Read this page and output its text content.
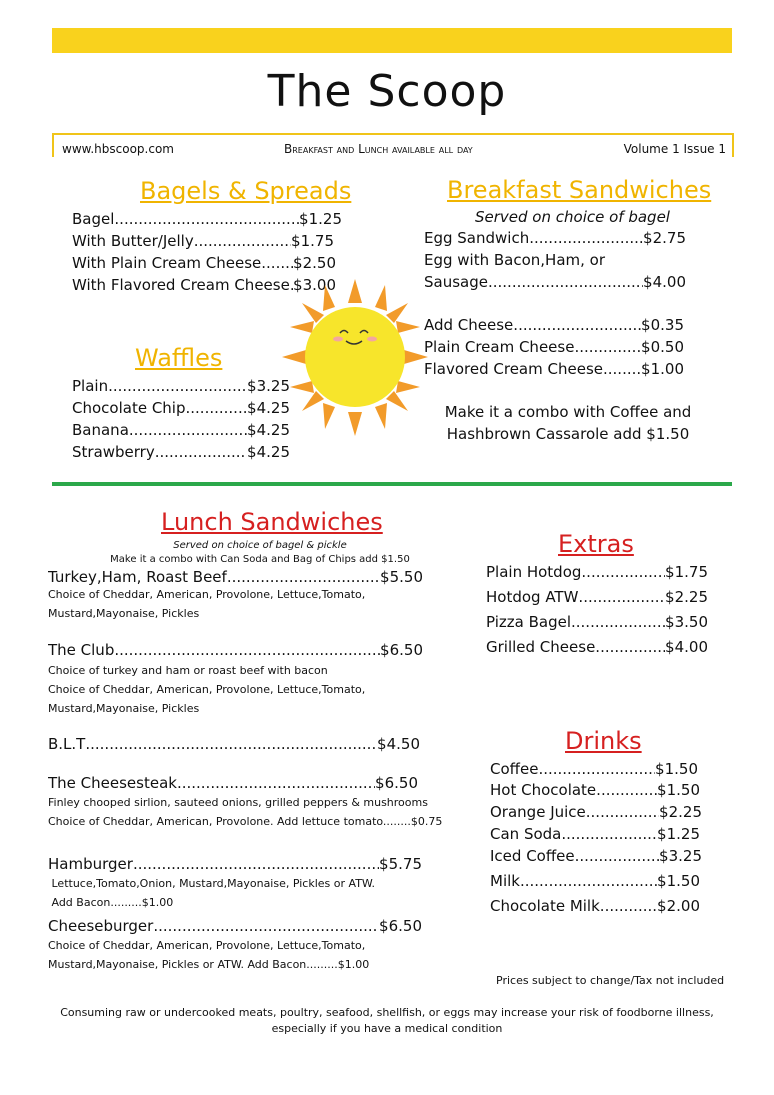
The Scoop
www.hbscoop.com	Breakfast and Lunch available all day	Volume 1 Issue 1
Bagels & Spreads
Bagel .....	$1.25
With Butter/Jelly .....	$1.75
With Plain Cream Cheese ..... $2.50
With Flavored Cream Cheese ..... $3.00
Waffles
Plain .....	$3.25
Chocolate Chip .....	$4.25
Banana .....	$4.25
Strawberry .....	$4.25
Breakfast Sandwiches
Served on choice of bagel
Egg Sandwich .....	$2.75
Egg with Bacon,Ham, or
Sausage .....	$4.00
Add Cheese .....	$0.35
Plain Cream Cheese .....	$0.50
Flavored Cream Cheese .....	$1.00
Make it a combo with Coffee and
Hashbrown Cassarole add $1.50
Lunch Sandwiches
Served on choice of bagel & pickle
Make it a combo with Can Soda and Bag of Chips add $1.50
Turkey,Ham, Roast Beef .....	$5.50
Choice of Cheddar, American, Provolone, Lettuce,Tomato,
Mustard,Mayonaise, Pickles
The Club .....	$6.50
Choice of turkey and ham or roast beef with bacon
Choice of Cheddar, American, Provolone, Lettuce,Tomato,
Mustard,Mayonaise, Pickles
B.L.T .....	$4.50
The Cheesesteak .....	$6.50
Finley chooped sirlion, sauteed onions, grilled peppers & mushrooms
Choice of Cheddar, American, Provolone. Add lettuce tomato........$0.75
Hamburger .....	$5.75
Lettuce,Tomato,Onion, Mustard,Mayonaise, Pickles or ATW.
Add Bacon.........$1.00
Cheeseburger .....	$6.50
Choice of Cheddar, American, Provolone, Lettuce,Tomato,
Mustard,Mayonaise, Pickles or ATW. Add Bacon.........$1.00
Extras
Plain Hotdog .....	$1.75
Hotdog ATW .....	$2.25
Pizza Bagel .....	$3.50
Grilled Cheese .....	$4.00
Drinks
Coffee .....	$1.50
Hot Chocolate .....	$1.50
Orange Juice .....	$2.25
Can Soda .....	$1.25
Iced Coffee .....	$3.25
Milk .....	$1.50
Chocolate Milk .....	$2.00
Prices subject to change/Tax not included
Consuming raw or undercooked meats, poultry, seafood, shellfish, or eggs may increase your risk of foodborne illness,
especially if you have a medical condition
